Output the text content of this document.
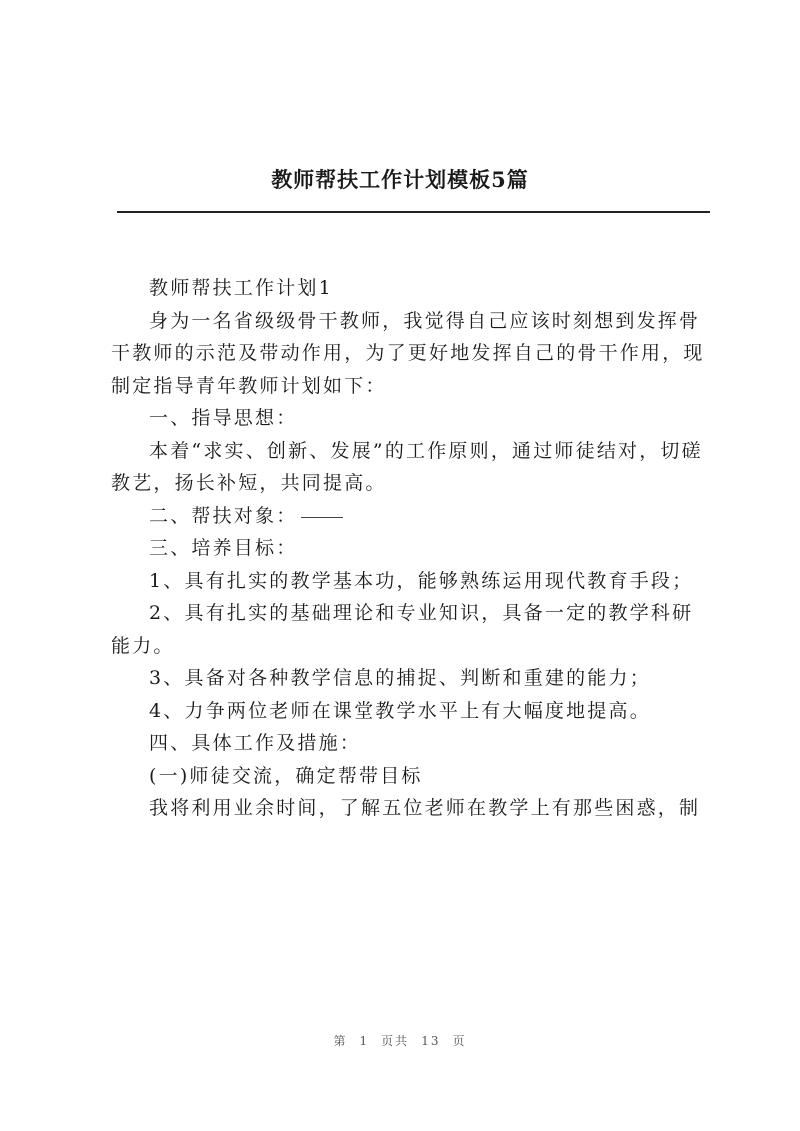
教师帮扶工作计划模板5篇

教师帮扶工作计划1

身为一名省级级骨干教师，我觉得自己应该时刻想到发挥骨干教师的示范及带动作用，为了更好地发挥自己的骨干作用，现制定指导青年教师计划如下：

一、指导思想：

本着“求实、创新、发展”的工作原则，通过师徒结对，切磋教艺，扬长补短，共同提高。

二、帮扶对象：

三、培养目标：

1、具有扎实的教学基本功，能够熟练运用现代教育手段；

2、具有扎实的基础理论和专业知识，具备一定的教学科研能力。

3、具备对各种教学信息的捕捉、判断和重建的能力；

4、力争两位老师在课堂教学水平上有大幅度地提高。

四、具体工作及措施：

(一)师徒交流，确定帮带目标

我将利用业余时间，了解五位老师在教学上有那些困惑，制

第 1 页共 13 页
